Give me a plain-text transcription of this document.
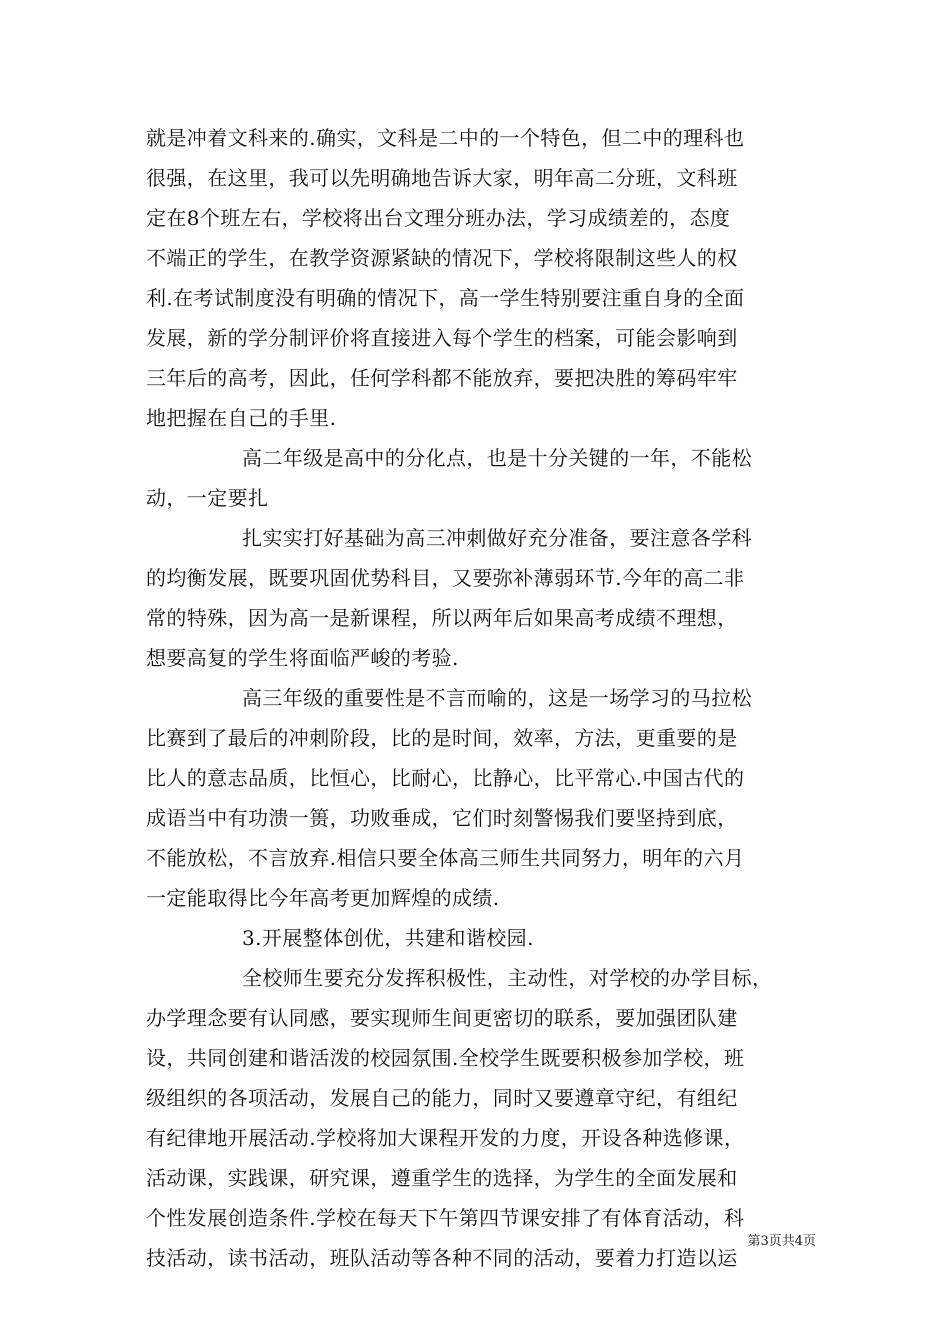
就是冲着文科来的.确实，文科是二中的一个特色，但二中的理科也
很强，在这里，我可以先明确地告诉大家，明年高二分班，文科班
定在8个班左右，学校将出台文理分班办法，学习成绩差的，态度
不端正的学生，在教学资源紧缺的情况下，学校将限制这些人的权
利.在考试制度没有明确的情况下，高一学生特别要注重自身的全面
发展，新的学分制评价将直接进入每个学生的档案，可能会影响到
三年后的高考，因此，任何学科都不能放弃，要把决胜的筹码牢牢
地把握在自己的手里.
高二年级是高中的分化点，也是十分关键的一年，不能松
动，一定要扎
扎实实打好基础为高三冲刺做好充分准备，要注意各学科
的均衡发展，既要巩固优势科目，又要弥补薄弱环节.今年的高二非
常的特殊，因为高一是新课程，所以两年后如果高考成绩不理想，
想要高复的学生将面临严峻的考验.
高三年级的重要性是不言而喻的，这是一场学习的马拉松
比赛到了最后的冲刺阶段，比的是时间，效率，方法，更重要的是
比人的意志品质，比恒心，比耐心，比静心，比平常心.中国古代的
成语当中有功溃一篑，功败垂成，它们时刻警惕我们要坚持到底，
不能放松，不言放弃.相信只要全体高三师生共同努力，明年的六月
一定能取得比今年高考更加辉煌的成绩.
3.开展整体创优，共建和谐校园.
全校师生要充分发挥积极性，主动性，对学校的办学目标，
办学理念要有认同感，要实现师生间更密切的联系，要加强团队建
设，共同创建和谐活泼的校园氛围.全校学生既要积极参加学校，班
级组织的各项活动，发展自己的能力，同时又要遵章守纪，有组纪
有纪律地开展活动.学校将加大课程开发的力度，开设各种选修课，
活动课，实践课，研究课，遵重学生的选择，为学生的全面发展和
个性发展创造条件.学校在每天下午第四节课安排了有体育活动，科
技活动，读书活动，班队活动等各种不同的活动，要着力打造以运
第3页共4页
